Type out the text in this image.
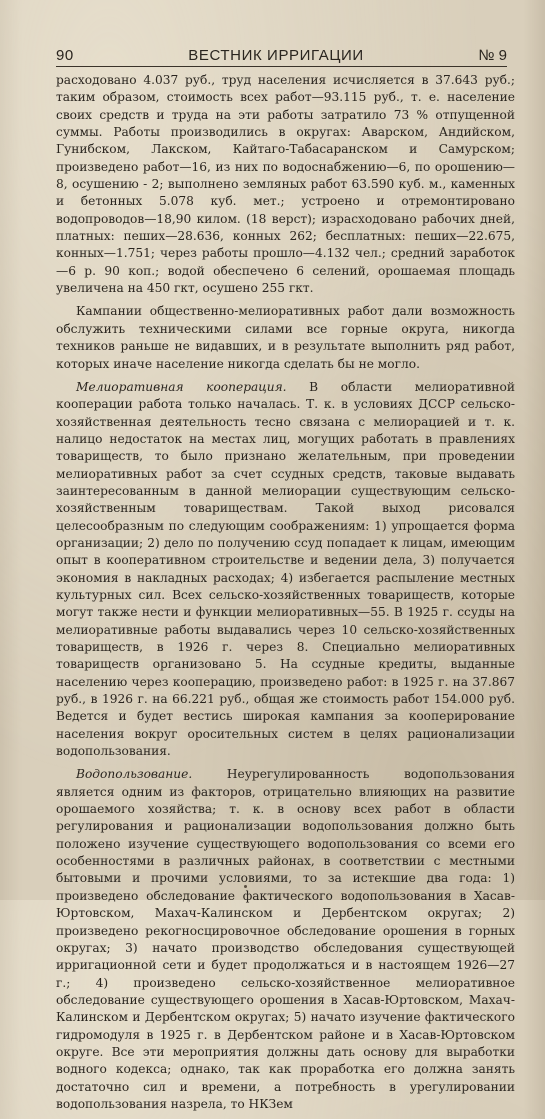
90	ВЕСТНИК ИРРИГАЦИИ	№ 9

расходовано 4.037 руб., труд населения исчисляется в 37.643 руб.; таким образом, стоимость всех работ—93.115 руб., т. е. население своих средств и труда на эти работы затратило 73 % отпущенной суммы. Работы производились в округах: Аварском, Андийском, Гунибском, Лакском, Кайтаго-Табасаранском и Самурском; произведено работ—16, из них по водоснабжению—6, по орошению—8, осушению - 2; выполнено земляных работ 63.590 куб. м., каменных и бетонных 5.078 куб. мет.; устроено и отремонтировано водопроводов—18,90 килом. (18 верст); израсходовано рабочих дней, платных: пеших—28.636, конных 262; бесплатных: пеших—22.675, конных—1.751; через работы прошло—4.132 чел.; средний заработок—6 р. 90 коп.; водой обеспечено 6 селений, орошаемая площадь увеличена на 450 гкт, осушено 255 гкт.

Кампании общественно-мелиоративных работ дали возможность обслужить техническими силами все горные округа, никогда техников раньше не видавших, и в результате выполнить ряд работ, которых иначе население никогда сделать бы не могло.

Мелиоративная кооперация. В области мелиоративной кооперации работа только началась. Т. к. в условиях ДССР сельско-хозяйственная деятельность тесно связана с мелиорацией и т. к. налицо недостаток на местах лиц, могущих работать в правлениях товариществ, то было признано желательным, при проведении мелиоративных работ за счет ссудных средств, таковые выдавать заинтересованным в данной мелиорации существующим сельско-хозяйственным товариществам. Такой выход рисовался целесообразным по следующим соображениям: 1) упрощается форма организации; 2) дело по получению ссуд попадает к лицам, имеющим опыт в кооперативном строительстве и ведении дела, 3) получается экономия в накладных расходах; 4) избегается распыление местных культурных сил. Всех сельско-хозяйственных товариществ, которые могут также нести и функции мелиоративных—55. В 1925 г. ссуды на мелиоративные работы выдавались через 10 сельско-хозяйственных товариществ, в 1926 г. через 8. Специально мелиоративных товариществ организовано 5. На ссудные кредиты, выданные населению через кооперацию, произведено работ: в 1925 г. на 37.867 руб., в 1926 г. на 66.221 руб., общая же стоимость работ 154.000 руб. Ведется и будет вестись широкая кампания за кооперирование населения вокруг оросительных систем в целях рационализации водопользования.

Водопользование. Неурегулированность водопользования является одним из факторов, отрицательно влияющих на развитие орошаемого хозяйства; т. к. в основу всех работ в области регулирования и рационализации водопользования должно быть положено изучение существующего водопользования со всеми его особенностями в различных районах, в соответствии с местными бытовыми и прочими условиями, то за истекшие два года: 1) произведено обследование фактического водопользования в Хасав-Юртовском, Махач-Калинском и Дербентском округах; 2) произведено рекогносцировочное обследование орошения в горных округах; 3) начато производство обследования существующей ирригационной сети и будет продолжаться и в настоящем 1926—27 г.; 4) произведено сельско-хозяйственное мелиоративное обследование существующего орошения в Хасав-Юртовском, Махач-Калинском и Дербентском округах; 5) начато изучение фактического гидромодуля в 1925 г. в Дербентском районе и в Хасав-Юртовском округе. Все эти мероприятия должны дать основу для выработки водного кодекса; однако, так как проработка его должна занять достаточно сил и времени, а потребность в урегулировании водопользования назрела, то НКЗем
